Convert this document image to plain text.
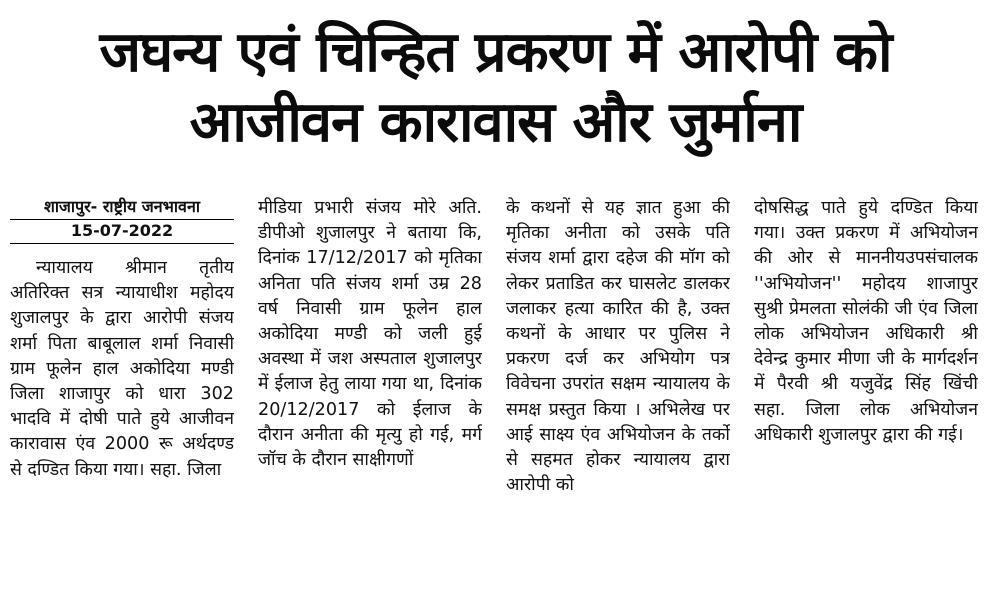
जघन्य एवं चिन्हित प्रकरण में आरोपी को
आजीवन कारावास और जुर्माना
शाजापुर- राष्ट्रीय जनभावना
15-07-2022
न्यायालय श्रीमान तृतीय अतिरिक्त सत्र न्यायाधीश महोदय शुजालपुर के द्वारा आरोपी संजय शर्मा पिता बाबूलाल शर्मा निवासी ग्राम फूलेन हाल अकोदिया मण्डी जिला शाजापुर को धारा 302 भादवि में दोषी पाते हुये आजीवन कारावास एंव 2000 रू अर्थदण्ड से दण्डित किया गया। सहा. जिला
मीडिया प्रभारी संजय मोरे अति. डीपीओ शुजालपुर ने बताया कि, दिनांक 17/12/2017 को मृतिका अनिता पति संजय शर्मा उम्र 28 वर्ष निवासी ग्राम फूलेन हाल अकोदिया मण्डी को जली हुई अवस्था में जश अस्पताल शुजालपुर में ईलाज हेतु लाया गया था, दिनांक 20/12/2017 को ईलाज के दौरान अनीता की मृत्यु हो गई, मर्ग जॉच के दौरान साक्षीगणों
के कथनों से यह ज्ञात हुआ की मृतिका अनीता को उसके पति संजय शर्मा द्वारा दहेज की मॉग को लेकर प्रताडित कर घासलेट डालकर जलाकर हत्या कारित की है, उक्त कथनों के आधार पर पुलिस ने प्रकरण दर्ज कर अभियोग पत्र विवेचना उपरांत सक्षम न्यायालय के समक्ष प्रस्तुत किया । अभिलेख पर आई साक्ष्य एंव अभियोजन के तर्को से सहमत होकर न्यायालय द्वारा आरोपी को
दोषसिद्ध पाते हुये दण्डित किया गया। उक्त प्रकरण में अभियोजन की ओर से माननीयउपसंचालक ''अभियोजन'' महोदय शाजापुर सुश्री प्रेमलता सोलंकी जी एंव जिला लोक अभियोजन अधिकारी श्री देवेन्द्र कुमार मीणा जी के मार्गदर्शन में पैरवी श्री यजुवेंद्र सिंह खिंची सहा. जिला लोक अभियोजन अधिकारी शुजालपुर द्वारा की गई।
